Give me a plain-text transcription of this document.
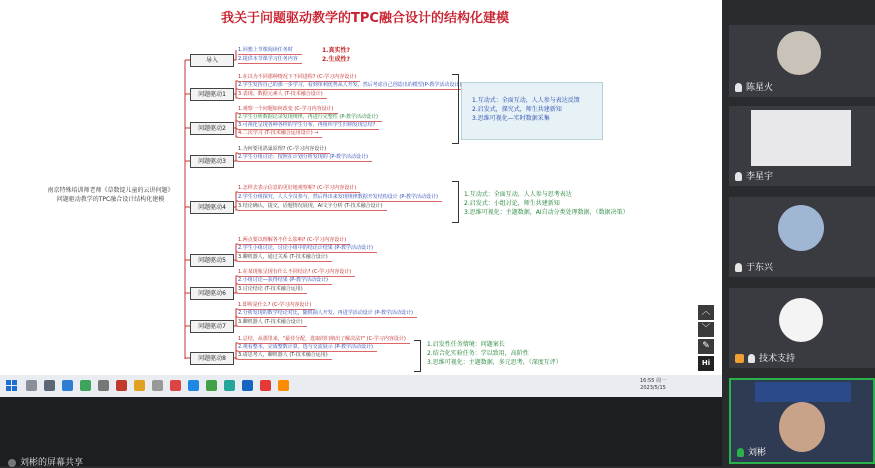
我关于问题驱动教学的TPC融合设计的结构化建模
南京特殊培训师老师《草数锭儿童的云讲何题》
问题驱动教学的TPC融合设计结构化建模
导入
1.回想上节课阅读任务时
2.提供本节课学习任务内容
1.真实性?
2.生成性?
问题驱动1
1.在以为不同那种情况下不同进程? (C-学习内容设计)
2.学生发挥自己的那一步学习，看到单利优势从人开发，然后考虑自己创造出的模型(P-教学活动设计)
3.表现、数据元素人 (T-技术融合设计)
问题驱动2
1.观察一个问题如何改变 (C-学习内容设计)
2.学生分析数据记录发现规律，再进行完整性 (P-教学活动设计)
3.可视化呈现各种各样的学生分布，再组织学生归纳发现总结?
4.二次学习 (T-技术融合运用设计) →
问题驱动3
1.为何要用鸽巢原理? (C-学习内容设计)
2.学生分组讨论：按照在计划分析发现的 (P-教学活动设计)
问题驱动4
1.怎样去表示信息的更好地观察呢? (C-学习内容设计)
2.学生分组探究，人人全员参与，然后得出来发现规律数据开发结构设计 (P-教学活动设计)
3.结论确认，提交，话题情况展现，AI文字分析 (T-技术融合设计)
问题驱动5
1.两点要以理解各不什么影响? (C-学习内容设计)
2.学生小组讨论，讨论小组中的结论计结果 (P-教学活动设计)
3.聊机器人，通过关系 (T-技术融合设计)
问题驱动6
1.在某现象呈现有什么不同结论? (C-学习内容设计)
2.小组讨论—获得结果 (P-教学活动设计)
3.讨论结论 (T-技术融合运用)
问题驱动7
1.即所是什么? (C-学习内容设计)
2.分析发现的数学结论对比，随机抽人开发，再进学活动设计 (P-教学活动设计)
3.聊机器人 (T-技术融合设计)
问题驱动8
1.总结，从那里来，"最佳分配，选取的归纳出了解决法?" (C-学习内容设计)
2.观看整本，完成整数计算，选与交流展示 (P-教学活动设计)
3.请思考人，聊机器人 (T-技术融合运用)
1.互动式：全面互动，人人参与表达反馈
2.启发式，探究式，师生共建新知
3.思维可视化—实时数据采集
1.互动式：全面互动，人人参与思考表达
2.启发式：小组讨论，师生共建新知
3.思维可视化：主题数据，AI自动分类处理数据，（数据决策）
1.启发性任务情境：问题案长
2.结合化实验任务：学以致用，高阶性
3.思维可视化：主题数据，多元思考，（深度互评）
︿
﹀
✎
Hi
16:55 周一
2023/5/15
刘彬的屏幕共享
陈星火
李星宇
于东兴
技术支持
刘彬
